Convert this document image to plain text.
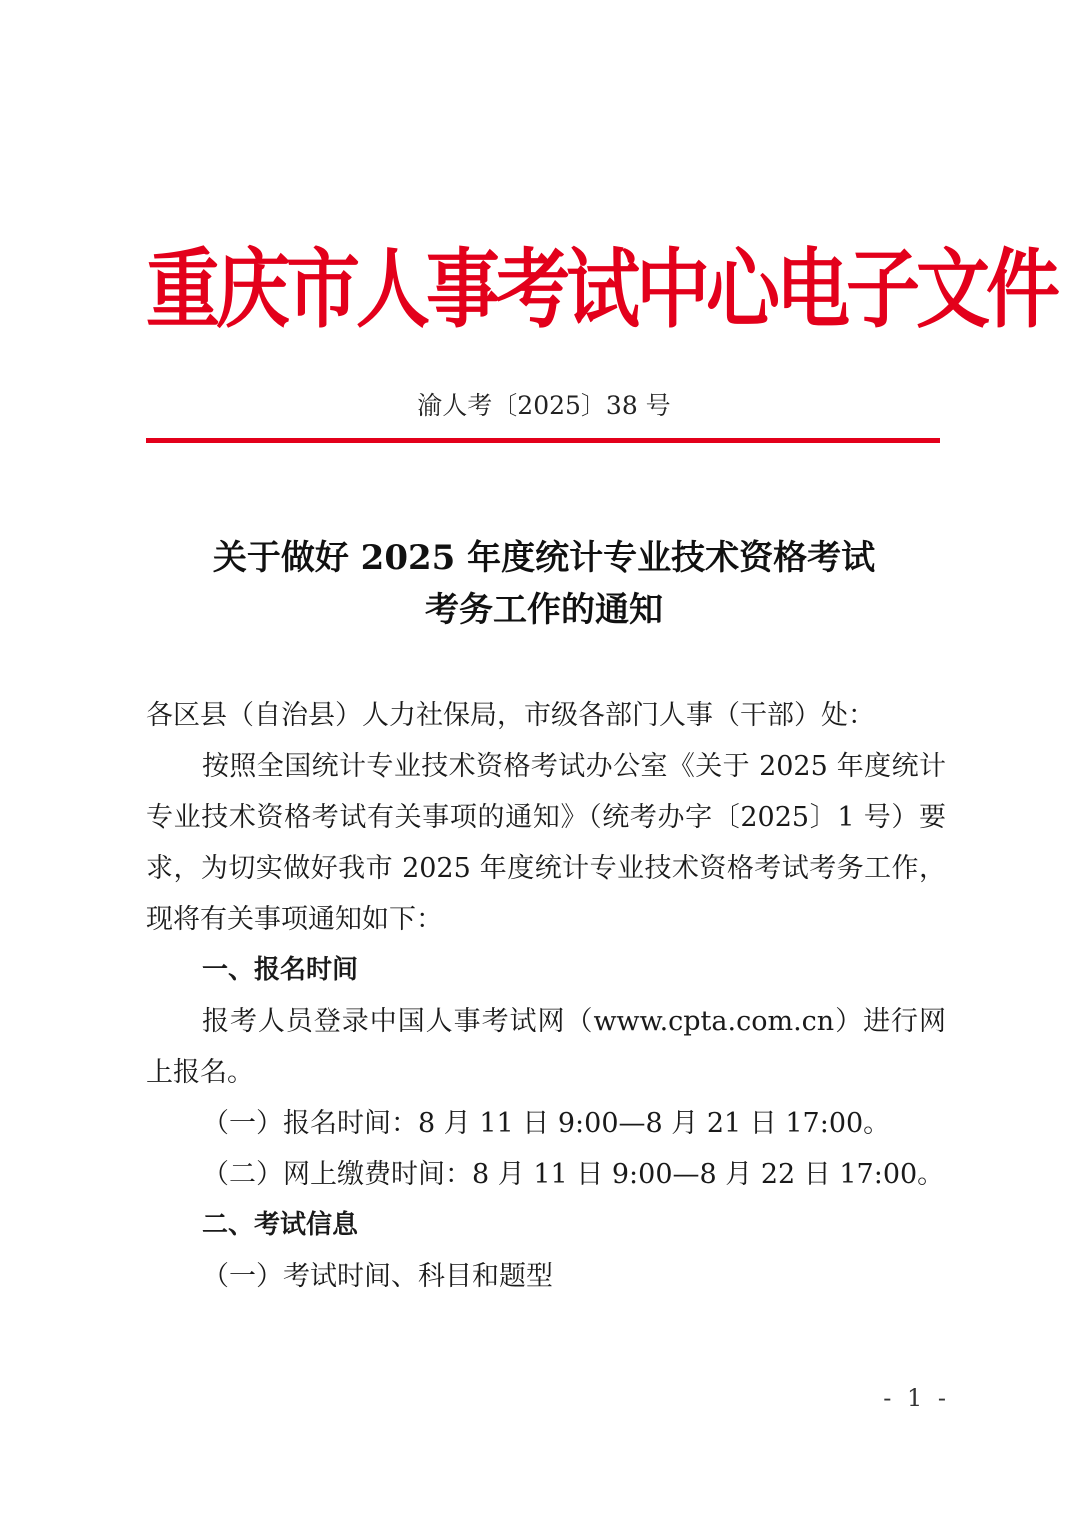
重庆市人事考试中心电子文件
渝人考〔2025〕38 号
关于做好 2025 年度统计专业技术资格考试
考务工作的通知

各区县（自治县）人力社保局，市级各部门人事（干部）处：

按照全国统计专业技术资格考试办公室《关于 2025 年度统计专业技术资格考试有关事项的通知》（统考办字〔2025〕1 号）要求，为切实做好我市 2025 年度统计专业技术资格考试考务工作，现将有关事项通知如下：

一、报名时间

报考人员登录中国人事考试网（www.cpta.com.cn）进行网上报名。

（一）报名时间：8 月 11 日 9:00—8 月 21 日 17:00。

（二）网上缴费时间：8 月 11 日 9:00—8 月 22 日 17:00。

二、考试信息

（一）考试时间、科目和题型

- 1 -
